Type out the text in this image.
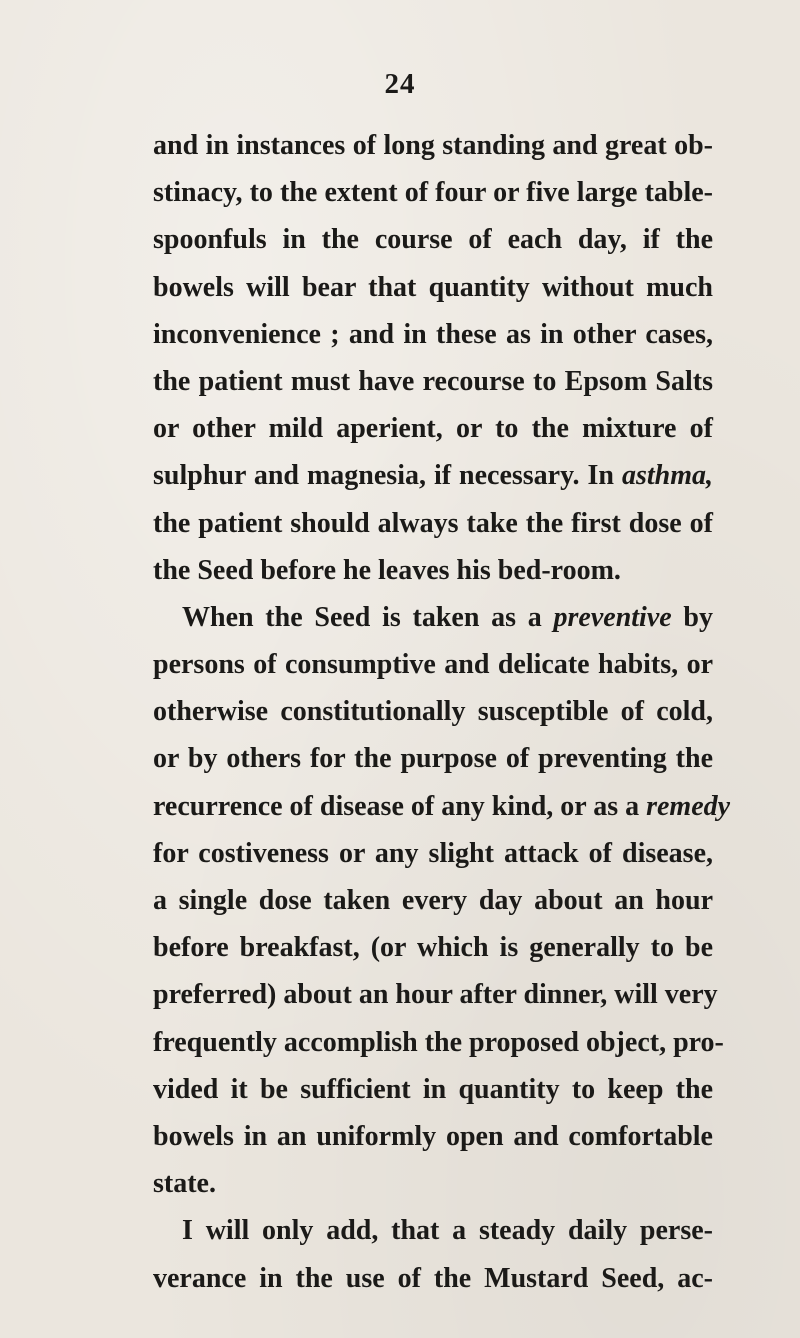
24
and in instances of long standing and great ob-
stinacy, to the extent of four or five large table-
spoonfuls in the course of each day, if the
bowels will bear that quantity without much
inconvenience ; and in these as in other cases,
the patient must have recourse to Epsom Salts
or other mild aperient, or to the mixture of
sulphur and magnesia, if necessary. In asthma,
the patient should always take the first dose of
the Seed before he leaves his bed-room.
When the Seed is taken as a preventive by
persons of consumptive and delicate habits, or
otherwise constitutionally susceptible of cold,
or by others for the purpose of preventing the
recurrence of disease of any kind, or as a remedy
for costiveness or any slight attack of disease,
a single dose taken every day about an hour
before breakfast, (or which is generally to be
preferred) about an hour after dinner, will very
frequently accomplish the proposed object, pro-
vided it be sufficient in quantity to keep the
bowels in an uniformly open and comfortable
state.
I will only add, that a steady daily perse-
verance in the use of the Mustard Seed, ac-
